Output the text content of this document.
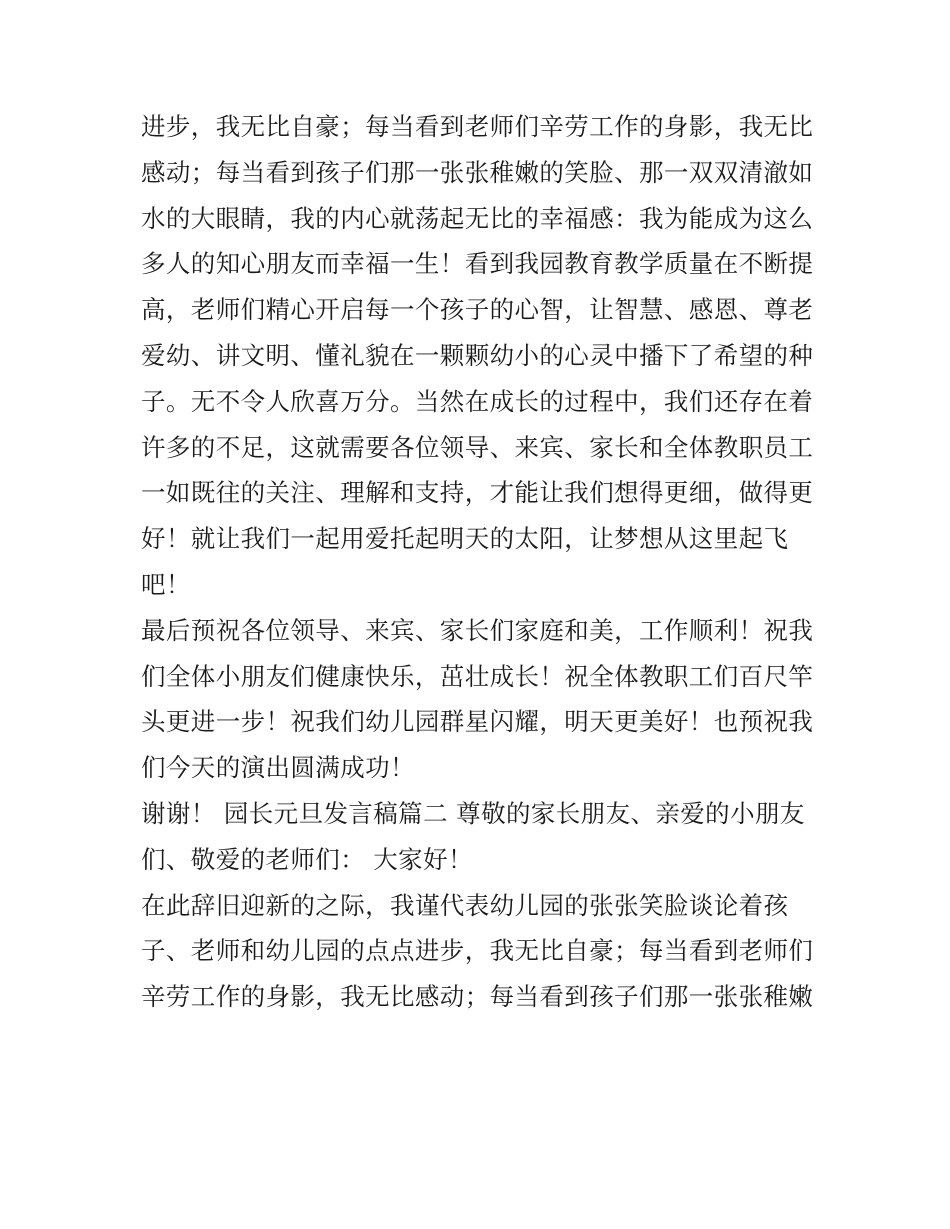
进步，我无比自豪；每当看到老师们辛劳工作的身影，我无比
感动；每当看到孩子们那一张张稚嫩的笑脸、那一双双清澈如
水的大眼睛，我的内心就荡起无比的幸福感：我为能成为这么
多人的知心朋友而幸福一生！看到我园教育教学质量在不断提
高，老师们精心开启每一个孩子的心智，让智慧、感恩、尊老
爱幼、讲文明、懂礼貌在一颗颗幼小的心灵中播下了希望的种
子。无不令人欣喜万分。当然在成长的过程中，我们还存在着
许多的不足，这就需要各位领导、来宾、家长和全体教职员工
一如既往的关注、理解和支持，才能让我们想得更细，做得更
好！就让我们一起用爱托起明天的太阳，让梦想从这里起飞
吧！
最后预祝各位领导、来宾、家长们家庭和美，工作顺利！祝我
们全体小朋友们健康快乐，茁壮成长！祝全体教职工们百尺竿
头更进一步！祝我们幼儿园群星闪耀，明天更美好！也预祝我
们今天的演出圆满成功！
谢谢！ 园长元旦发言稿篇二 尊敬的家长朋友、亲爱的小朋友
们、敬爱的老师们： 大家好！
在此辞旧迎新的之际，我谨代表幼儿园的张张笑脸谈论着孩
子、老师和幼儿园的点点进步，我无比自豪；每当看到老师们
辛劳工作的身影，我无比感动；每当看到孩子们那一张张稚嫩
